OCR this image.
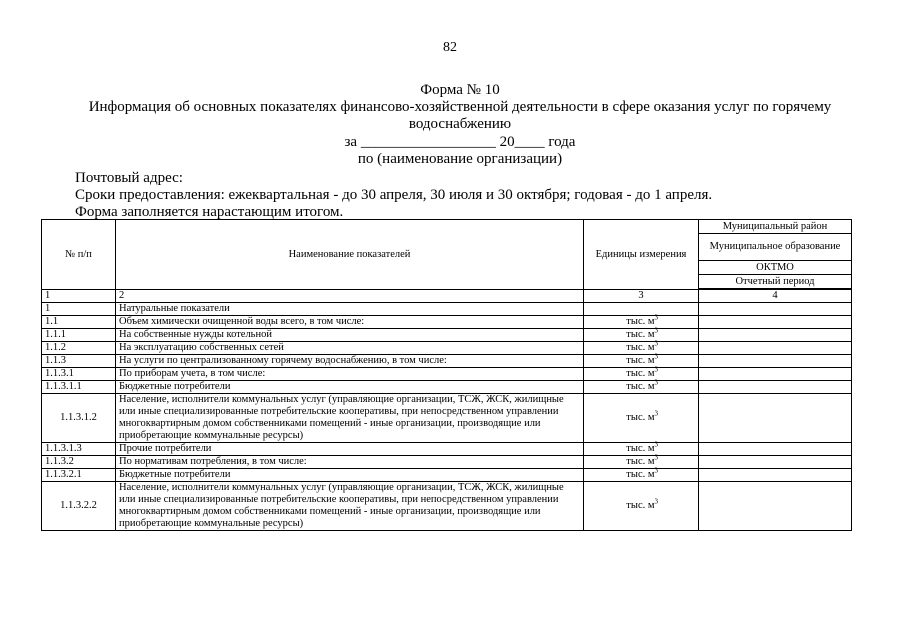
82
Форма № 10
Информация об основных показателях финансово-хозяйственной деятельности в сфере оказания услуг по горячему
водоснабжению
за __________________ 20____ года
по (наименование организации)
Почтовый адрес:
Сроки предоставления: ежеквартальная - до 30 апреля, 30 июля и 30 октября; годовая - до 1 апреля.
Форма заполняется нарастающим итогом.
№ п/п	Наименование показателей	Единицы измерения	Муниципальный район
			Муниципальное образование
			ОКТМО
			Отчетный период

1	2	3	4
1	Натуральные показатели		
1.1	Объем химически очищенной воды всего, в том числе:	тыс. $м^3$	
1.1.1	На собственные нужды котельной	тыс. $м^3$	
1.1.2	На эксплуатацию собственных сетей	тыс. $м^3$	
1.1.3	На услуги по централизованному горячему водоснабжению, в том числе:	тыс. $м^3$	
1.1.3.1	По приборам учета, в том числе:	тыс. $м^3$	
1.1.3.1.1	Бюджетные потребители	тыс. $м^3$	
1.1.3.1.2	Население, исполнители коммунальных услуг (управляющие организации, ТСЖ, ЖСК, жилищные или иные специализированные потребительские кооперативы, при непосредственном управлении многоквартирным домом собственниками помещений - иные организации, производящие или приобретающие коммунальные ресурсы)	тыс. $м^3$	
1.1.3.1.3	Прочие потребители	тыс. $м^3$	
1.1.3.2	По нормативам потребления, в том числе:	тыс. $м^3$	
1.1.3.2.1	Бюджетные потребители	тыс. $м^3$	
1.1.3.2.2	Население, исполнители коммунальных услуг (управляющие организации, ТСЖ, ЖСК, жилищные или иные специализированные потребительские кооперативы, при непосредственном управлении многоквартирным домом собственниками помещений - иные организации, производящие или приобретающие коммунальные ресурсы)	тыс. $м^3$	
